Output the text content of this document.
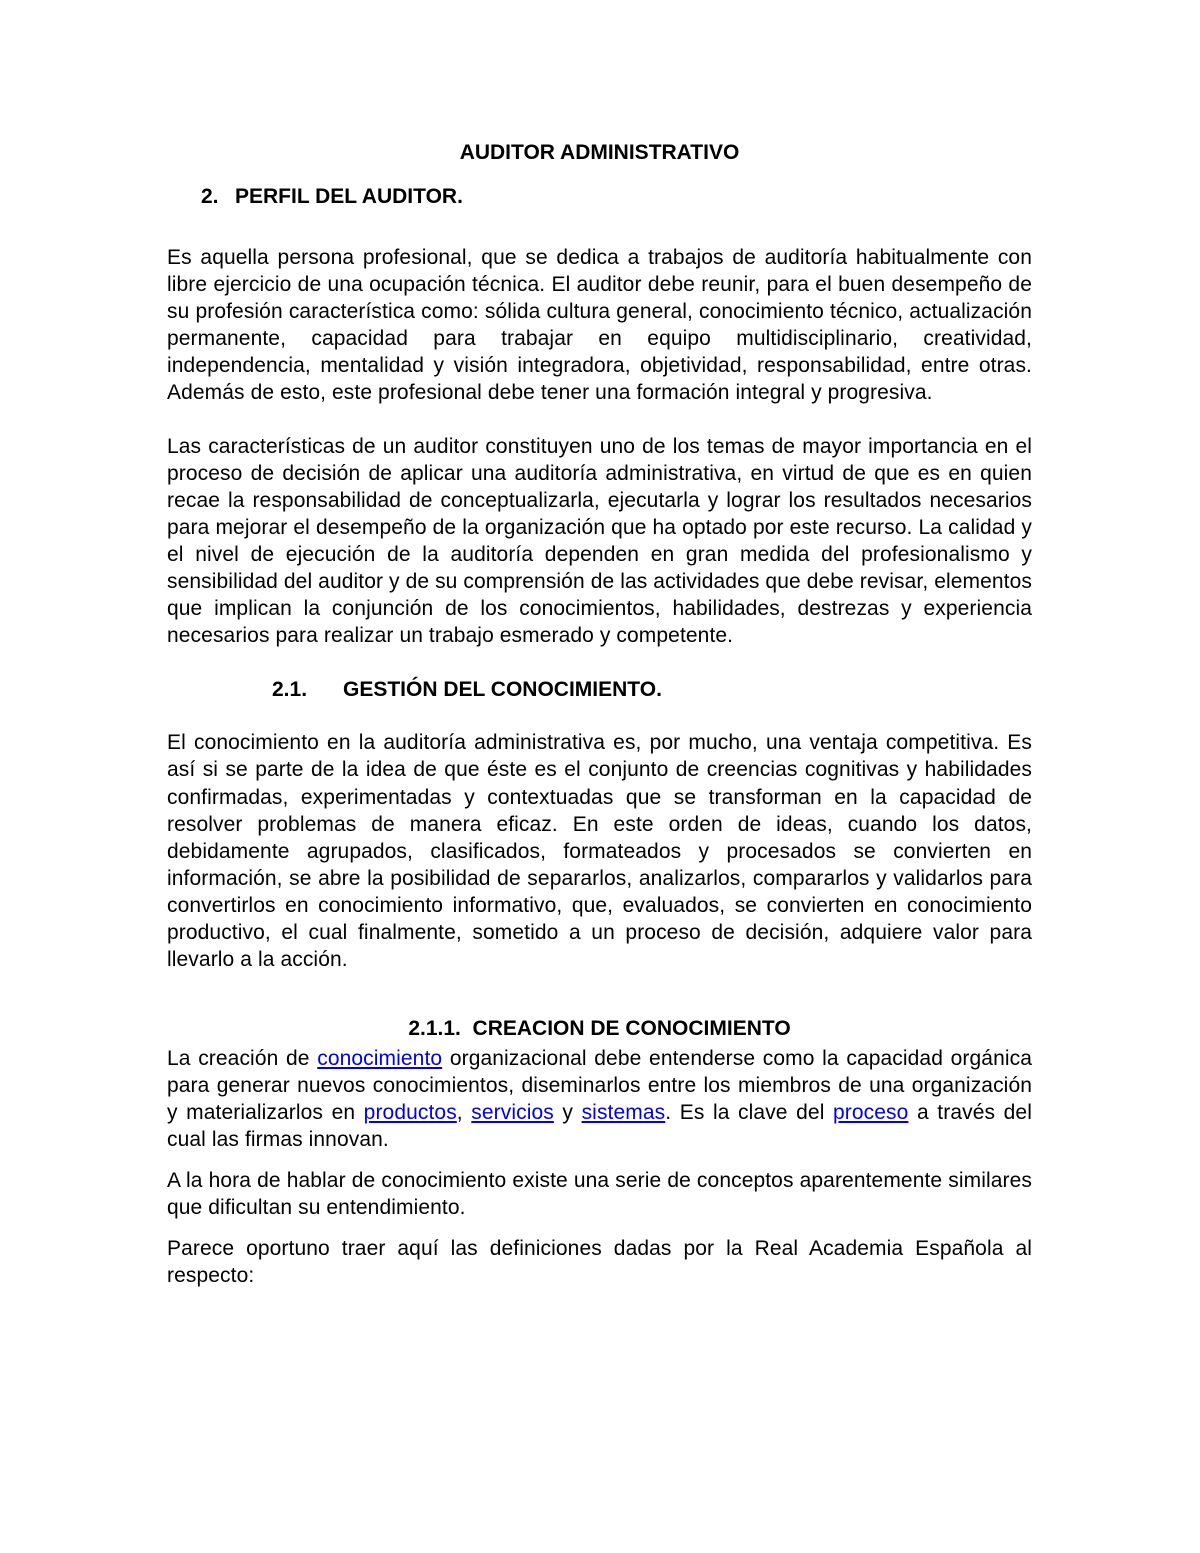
AUDITOR ADMINISTRATIVO
2. PERFIL DEL AUDITOR.

Es aquella persona profesional, que se dedica a trabajos de auditoría habitualmente con libre ejercicio de una ocupación técnica. El auditor debe reunir, para el buen desempeño de su profesión característica como: sólida cultura general, conocimiento técnico, actualización permanente, capacidad para trabajar en equipo multidisciplinario, creatividad, independencia, mentalidad y visión integradora, objetividad, responsabilidad, entre otras. Además de esto, este profesional debe tener una formación integral y progresiva.

Las características de un auditor constituyen uno de los temas de mayor importancia en el proceso de decisión de aplicar una auditoría administrativa, en virtud de que es en quien recae la responsabilidad de conceptualizarla, ejecutarla y lograr los resultados necesarios para mejorar el desempeño de la organización que ha optado por este recurso. La calidad y el nivel de ejecución de la auditoría dependen en gran medida del profesionalismo y sensibilidad del auditor y de su comprensión de las actividades que debe revisar, elementos que implican la conjunción de los conocimientos, habilidades, destrezas y experiencia necesarios para realizar un trabajo esmerado y competente.

2.1.	GESTIÓN DEL CONOCIMIENTO.

El conocimiento en la auditoría administrativa es, por mucho, una ventaja competitiva. Es así si se parte de la idea de que éste es el conjunto de creencias cognitivas y habilidades confirmadas, experimentadas y contextuadas que se transforman en la capacidad de resolver problemas de manera eficaz. En este orden de ideas, cuando los datos, debidamente agrupados, clasificados, formateados y procesados se convierten en información, se abre la posibilidad de separarlos, analizarlos, compararlos y validarlos para convertirlos en conocimiento informativo, que, evaluados, se convierten en conocimiento productivo, el cual finalmente, sometido a un proceso de decisión, adquiere valor para llevarlo a la acción.

2.1.1.  CREACION DE CONOCIMIENTO

La creación de conocimiento organizacional debe entenderse como la capacidad orgánica para generar nuevos conocimientos, diseminarlos entre los miembros de una organización y materializarlos en productos, servicios y sistemas. Es la clave del proceso a través del cual las firmas innovan.

A la hora de hablar de conocimiento existe una serie de conceptos aparentemente similares que dificultan su entendimiento.

Parece oportuno traer aquí las definiciones dadas por la Real Academia Española al respecto:
